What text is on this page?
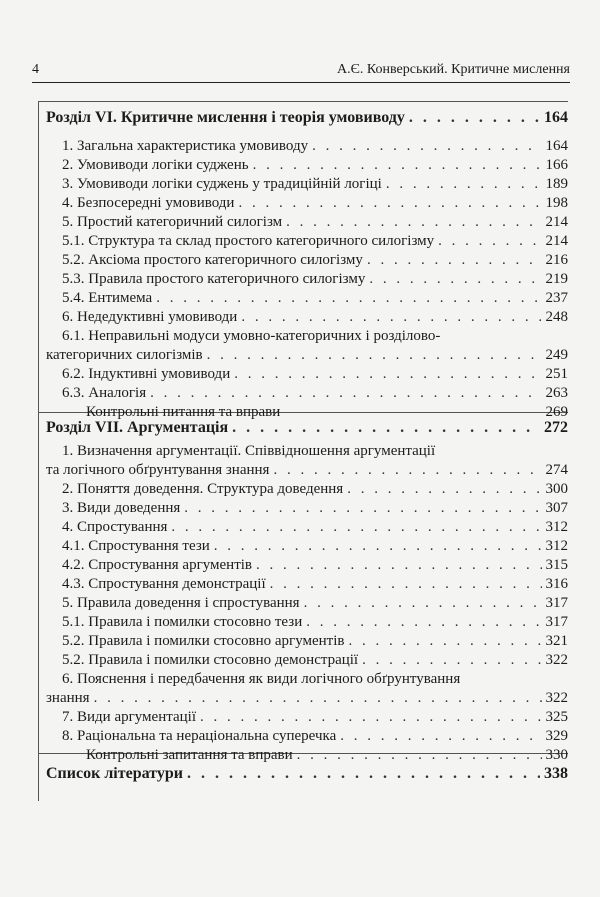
4	А.Є. Конверський. Критичне мислення
Розділ VI. Критичне мислення і теорія умовиводу . . .	164
1. Загальна характеристика умовиводу . . .	164
2. Умовиводи логіки суджень . . .	166
3. Умовиводи логіки суджень у традиційній логіці . . .	189
4. Безпосередні умовиводи . . .	198
5. Простий категоричний силогізм . . .	214
5.1. Структура та склад простого категоричного силогізму . . .	214
5.2. Аксіома простого категоричного силогізму . . .	216
5.3. Правила простого категоричного силогізму . . .	219
5.4. Ентимема . . .	237
6. Недедуктивні умовиводи . . .	248
6.1. Неправильні модуси умовно-категоричних і розділово-
категоричних силогізмів . . .	249
6.2. Індуктивні умовиводи . . .	251
6.3. Аналогія . . .	263
Контрольні питання та вправи	269
Розділ VII. Аргументація . . .	272
1. Визначення аргументації. Співвідношення аргументації
та логічного обґрунтування знання . . .	274
2. Поняття доведення. Структура доведення . . .	300
3. Види доведення . . .	307
4. Спростування . . .	312
4.1. Спростування тези . . .	312
4.2. Спростування аргументів . . .	315
4.3. Спростування демонстрації . . .	316
5. Правила доведення і спростування . . .	317
5.1. Правила і помилки стосовно тези . . .	317
5.2. Правила і помилки стосовно аргументів . . .	321
5.2. Правила і помилки стосовно демонстрації . . .	322
6. Пояснення і передбачення як види логічного обґрунтування
знання . . .	322
7. Види аргументації . . .	325
8. Раціональна та нераціональна суперечка . . .	329
Контрольні запитання та вправи . . .	330
Список літератури . . .	338
